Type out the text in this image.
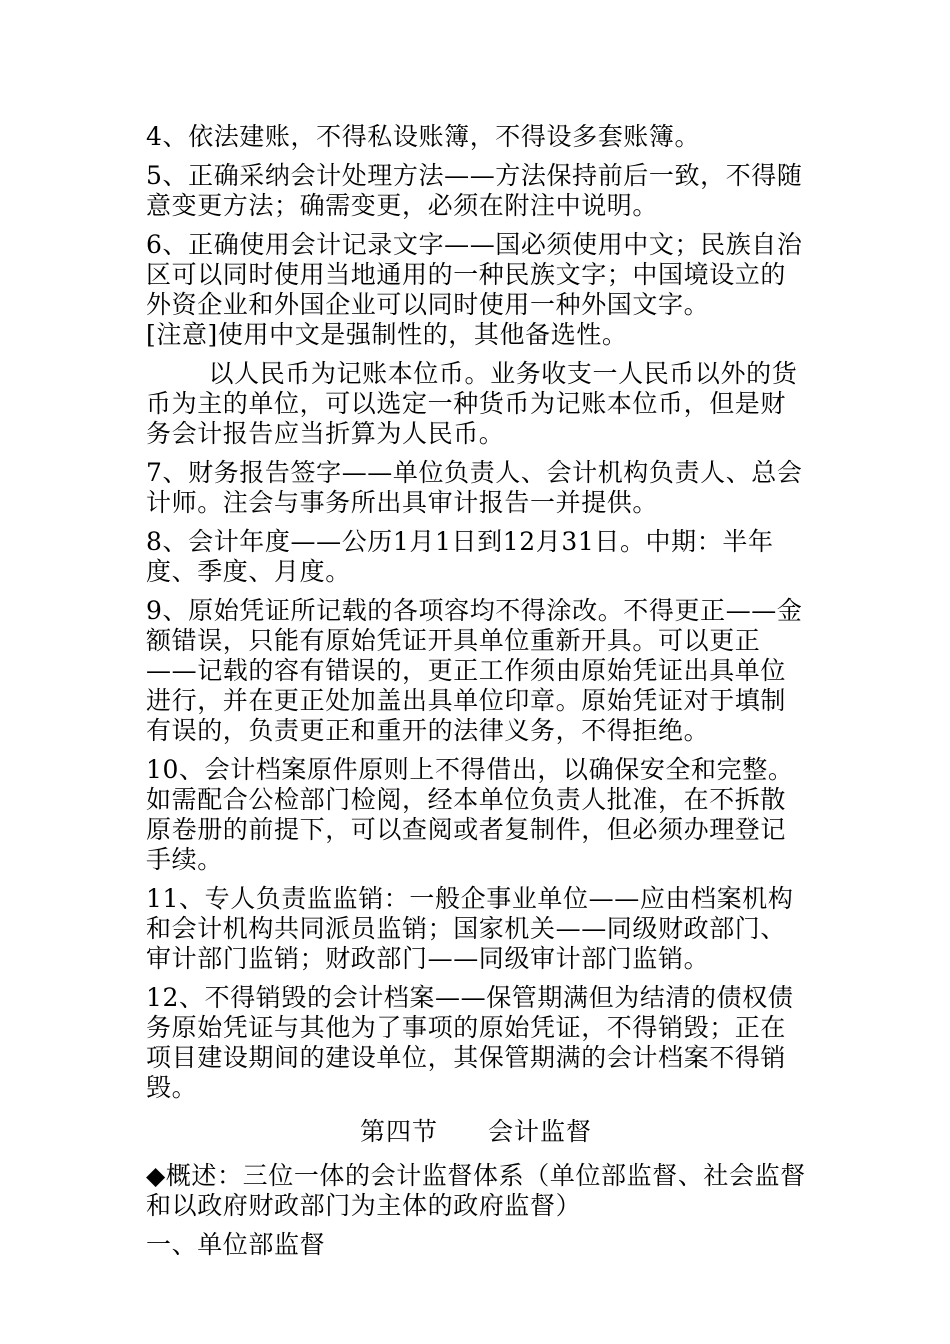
4、依法建账，不得私设账簿，不得设多套账簿。

5、正确采纳会计处理方法——方法保持前后一致，不得随意变更方法；确需变更，必须在附注中说明。

6、正确使用会计记录文字——国必须使用中文；民族自治区可以同时使用当地通用的一种民族文字；中国境设立的外资企业和外国企业可以同时使用一种外国文字。

[注意]使用中文是强制性的，其他备选性。

以人民币为记账本位币。业务收支一人民币以外的货币为主的单位，可以选定一种货币为记账本位币，但是财务会计报告应当折算为人民币。

7、财务报告签字——单位负责人、会计机构负责人、总会计师。注会与事务所出具审计报告一并提供。

8、会计年度——公历1月1日到12月31日。中期：半年度、季度、月度。

9、原始凭证所记载的各项容均不得涂改。不得更正——金额错误，只能有原始凭证开具单位重新开具。可以更正——记载的容有错误的，更正工作须由原始凭证出具单位进行，并在更正处加盖出具单位印章。原始凭证对于填制有误的，负责更正和重开的法律义务，不得拒绝。

10、会计档案原件原则上不得借出，以确保安全和完整。如需配合公检部门检阅，经本单位负责人批准，在不拆散原卷册的前提下，可以查阅或者复制件，但必须办理登记手续。

11、专人负责监监销：一般企事业单位——应由档案机构和会计机构共同派员监销；国家机关——同级财政部门、审计部门监销；财政部门——同级审计部门监销。

12、不得销毁的会计档案——保管期满但为结清的债权债务原始凭证与其他为了事项的原始凭证，不得销毁；正在项目建设期间的建设单位，其保管期满的会计档案不得销毁。

第四节 会计监督

◆概述：三位一体的会计监督体系（单位部监督、社会监督和以政府财政部门为主体的政府监督）

一、单位部监督
